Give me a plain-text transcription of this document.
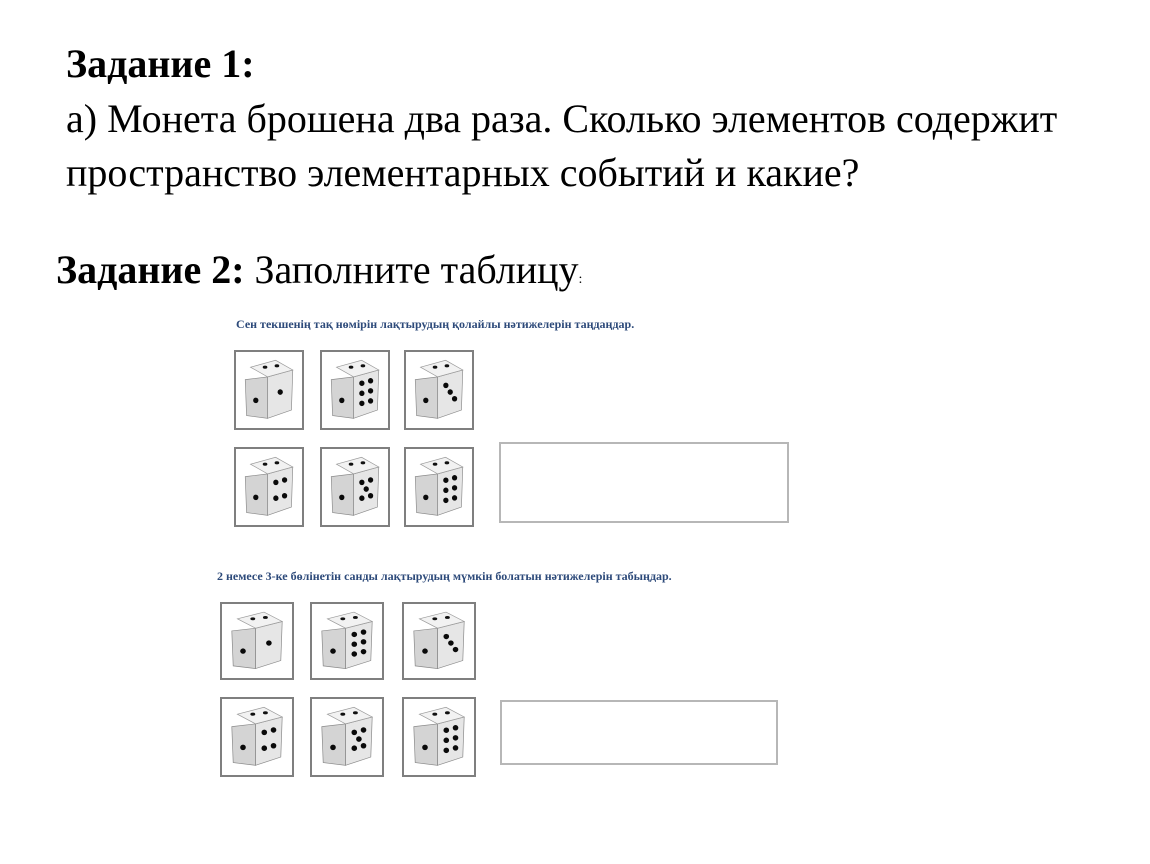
Задание 1:
а) Монета брошена два раза. Сколько элементов содержит пространство элементарных событий и какие?
Задание 2: Заполните таблицу:
Сен текшенің тақ нөмірін лақтырудың қолайлы нәтижелерін таңдаңдар.
2 немесе 3-ке бөлінетін санды лақтырудың мүмкін болатын нәтижелерін табыңдар.
